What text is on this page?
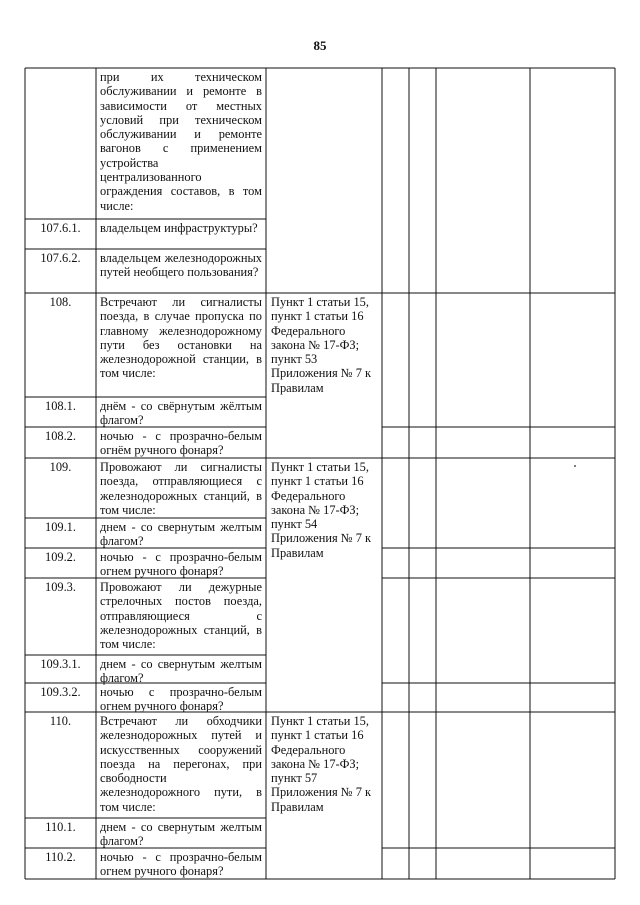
85
при их техническом обслуживании и ремонте в зависимости от местных условий при техническом обслуживании и ремонте вагонов с применением устройства централизованного ограждения составов, в том числе:
107.6.1.	владельцем инфраструктуры?
107.6.2.	владельцем железнодорожных путей необщего пользования?
108.	Встречают ли сигналисты поезда, в случае пропуска по главному железнодорожному пути без остановки на железнодорожной станции, в том числе:
Пункт 1 статьи 15, пункт 1 статьи 16 Федерального закона № 17-ФЗ; пункт 53 Приложения № 7 к Правилам
108.1.	днём - со свёрнутым жёлтым флагом?
108.2.	ночью - с прозрачно-белым огнём ручного фонаря?
109.	Провожают ли сигналисты поезда, отправляющиеся с железнодорожных станций, в том числе:
Пункт 1 статьи 15, пункт 1 статьи 16 Федерального закона № 17-ФЗ; пункт 54 Приложения № 7 к Правилам
109.1.	днем - со свернутым желтым флагом?
109.2.	ночью - с прозрачно-белым огнем ручного фонаря?
109.3.	Провожают ли дежурные стрелочных постов поезда, отправляющиеся с железнодорожных станций, в том числе:
109.3.1.	днем - со свернутым желтым флагом?
109.3.2.	ночью с прозрачно-белым огнем ручного фонаря?
110.	Встречают ли обходчики железнодорожных путей и искусственных сооружений поезда на перегонах, при свободности железнодорожного пути, в том числе:
Пункт 1 статьи 15, пункт 1 статьи 16 Федерального закона № 17-ФЗ; пункт 57 Приложения № 7 к Правилам
110.1.	днем - со свернутым желтым флагом?
110.2.	ночью - с прозрачно-белым огнем ручного фонаря?
